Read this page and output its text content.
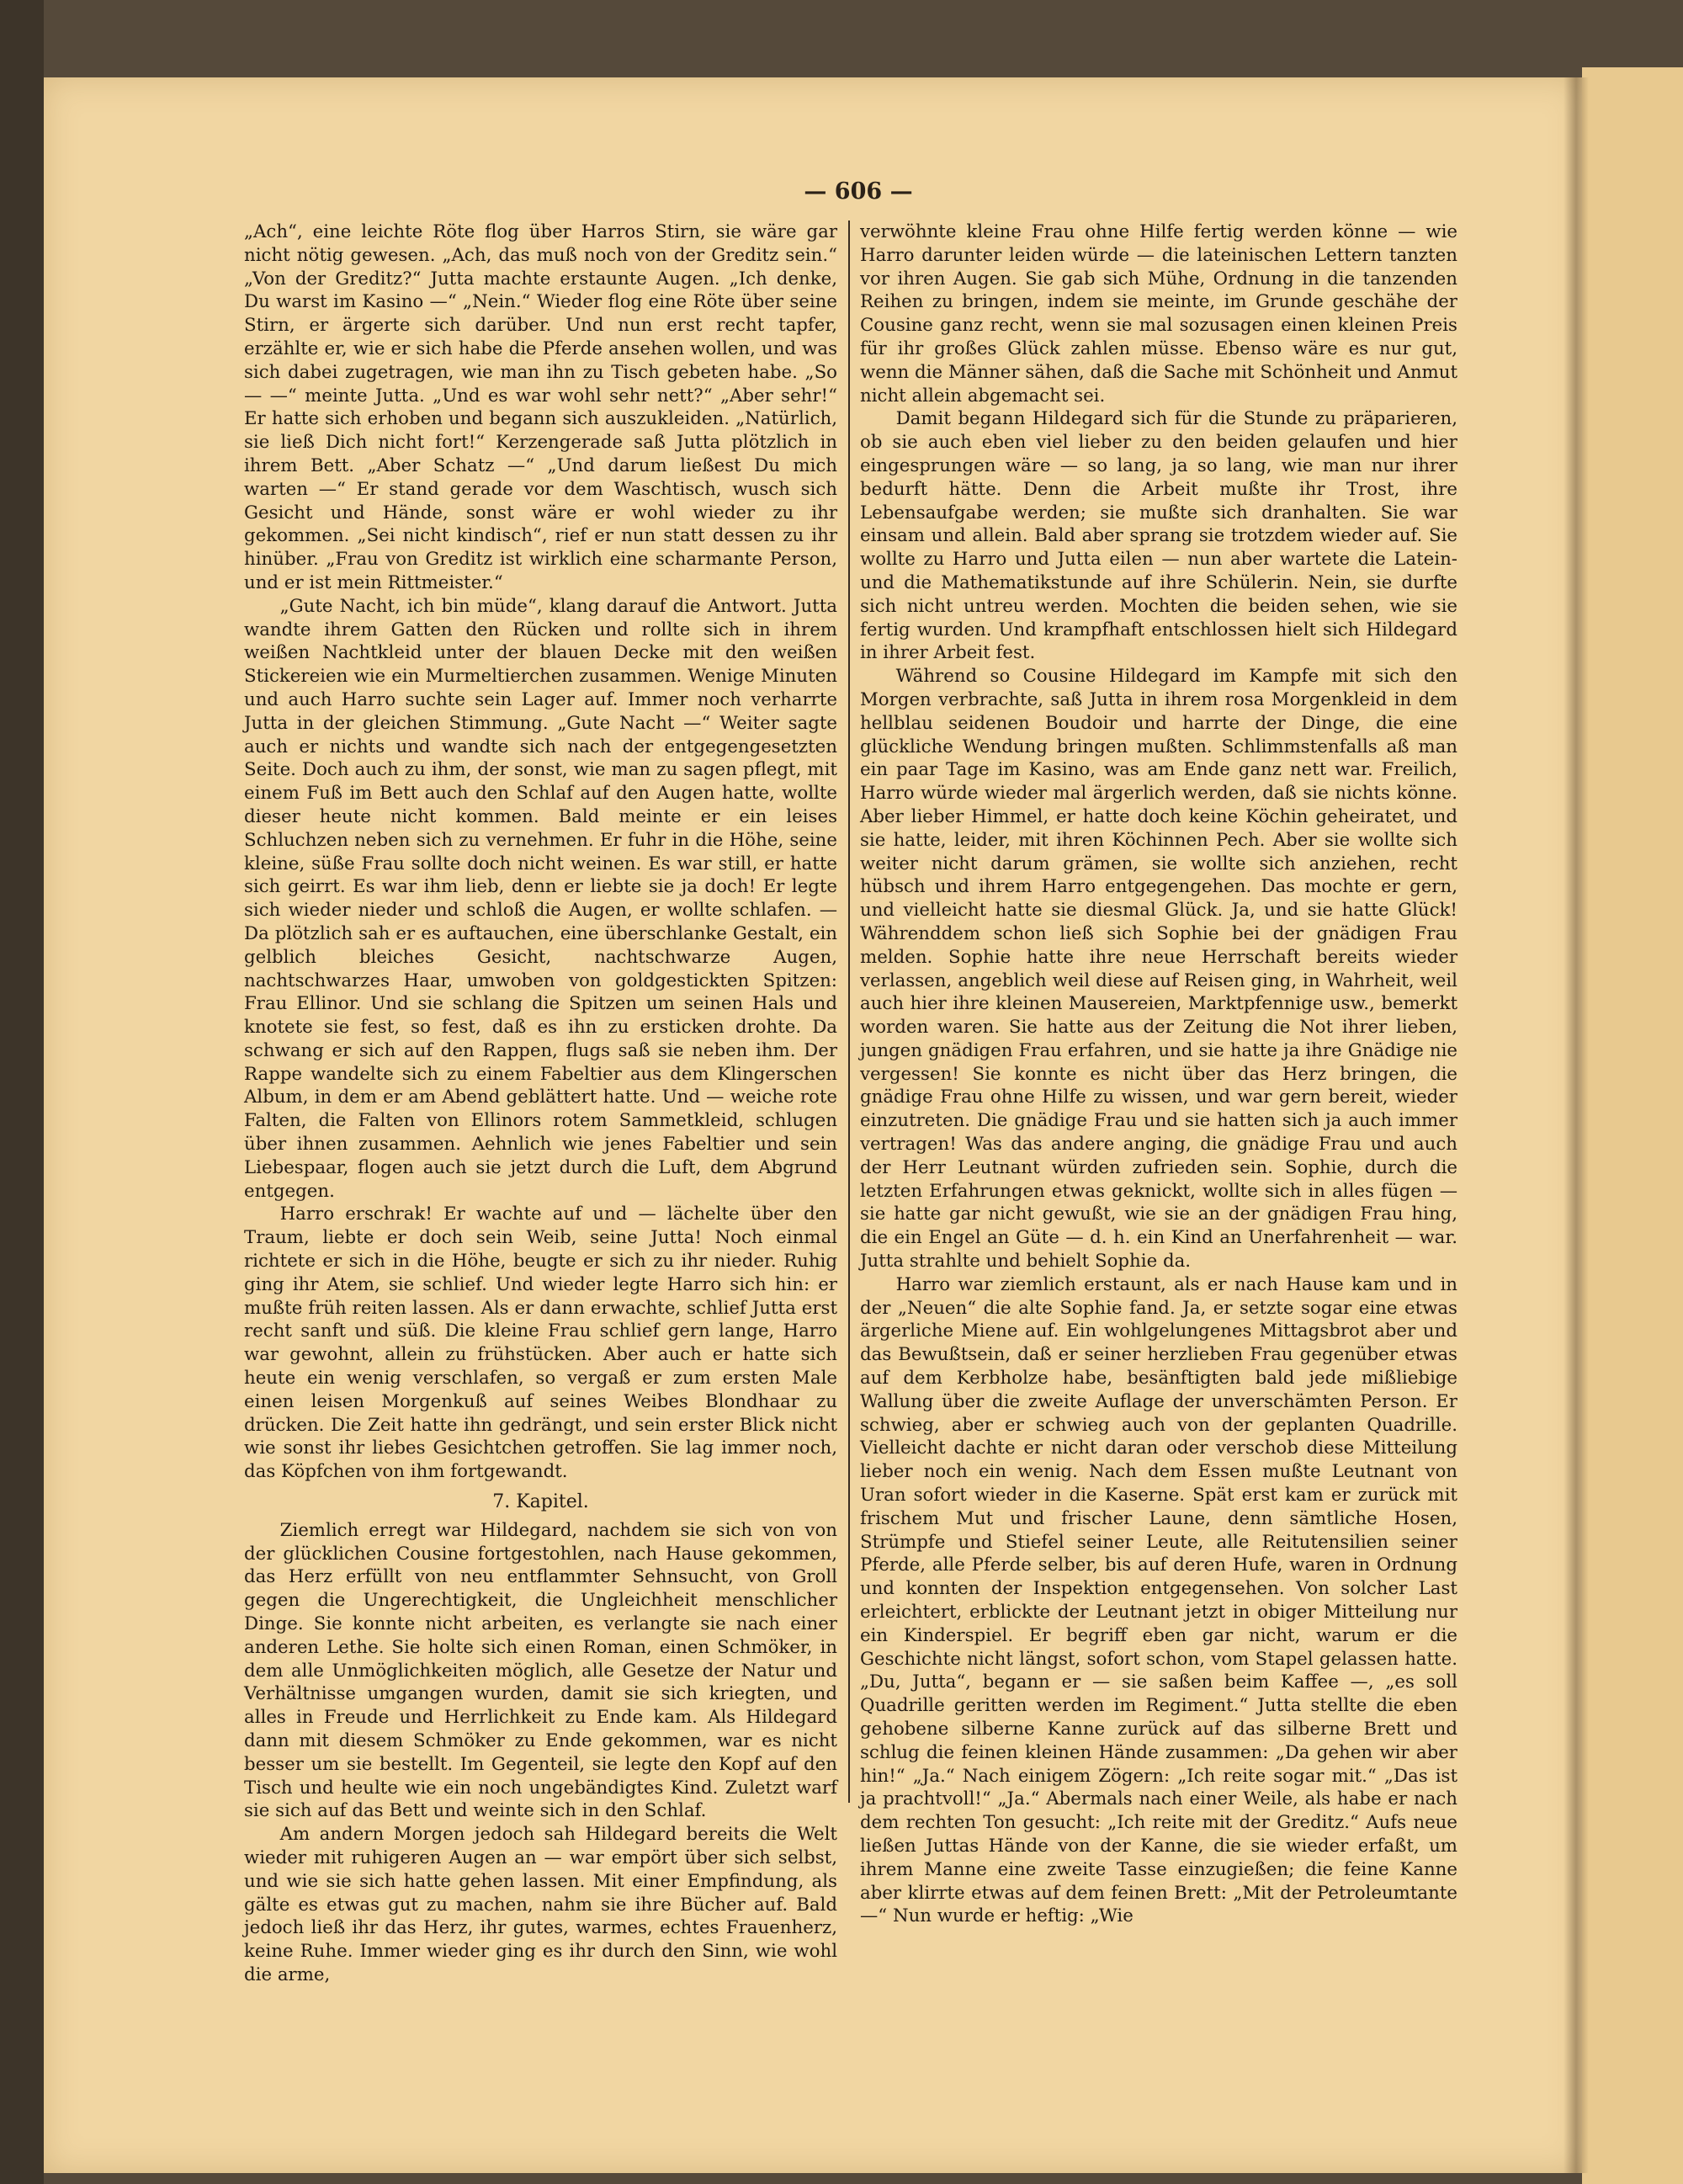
— 606 —

„Ach“, eine leichte Röte flog über Harros Stirn, sie wäre gar nicht nötig gewesen. „Ach, das muß noch von der Greditz sein.“ „Von der Greditz?“ Jutta machte erstaunte Augen. „Ich denke, Du warst im Kasino —“ „Nein.“ Wieder flog eine Röte über seine Stirn, er ärgerte sich darüber. Und nun erst recht tapfer, erzählte er, wie er sich habe die Pferde ansehen wollen, und was sich dabei zugetragen, wie man ihn zu Tisch gebeten habe. „So — —“ meinte Jutta. „Und es war wohl sehr nett?“ „Aber sehr!“ Er hatte sich erhoben und begann sich auszukleiden. „Natürlich, sie ließ Dich nicht fort!“ Kerzengerade saß Jutta plötzlich in ihrem Bett. „Aber Schatz —“ „Und darum ließest Du mich warten —“ Er stand gerade vor dem Waschtisch, wusch sich Gesicht und Hände, sonst wäre er wohl wieder zu ihr gekommen. „Sei nicht kindisch“, rief er nun statt dessen zu ihr hinüber. „Frau von Greditz ist wirklich eine scharmante Person, und er ist mein Rittmeister.“

„Gute Nacht, ich bin müde“, klang darauf die Antwort. Jutta wandte ihrem Gatten den Rücken und rollte sich in ihrem weißen Nachtkleid unter der blauen Decke mit den weißen Stickereien wie ein Murmeltierchen zusammen. Wenige Minuten und auch Harro suchte sein Lager auf. Immer noch verharrte Jutta in der gleichen Stimmung. „Gute Nacht —“ Weiter sagte auch er nichts und wandte sich nach der entgegengesetzten Seite. Doch auch zu ihm, der sonst, wie man zu sagen pflegt, mit einem Fuß im Bett auch den Schlaf auf den Augen hatte, wollte dieser heute nicht kommen. Bald meinte er ein leises Schluchzen neben sich zu vernehmen. Er fuhr in die Höhe, seine kleine, süße Frau sollte doch nicht weinen. Es war still, er hatte sich geirrt. Es war ihm lieb, denn er liebte sie ja doch! Er legte sich wieder nieder und schloß die Augen, er wollte schlafen. — Da plötzlich sah er es auftauchen, eine überschlanke Gestalt, ein gelblich bleiches Gesicht, nachtschwarze Augen, nachtschwarzes Haar, umwoben von goldgestickten Spitzen: Frau Ellinor. Und sie schlang die Spitzen um seinen Hals und knotete sie fest, so fest, daß es ihn zu ersticken drohte. Da schwang er sich auf den Rappen, flugs saß sie neben ihm. Der Rappe wandelte sich zu einem Fabeltier aus dem Klingerschen Album, in dem er am Abend geblättert hatte. Und — weiche rote Falten, die Falten von Ellinors rotem Sammetkleid, schlugen über ihnen zusammen. Aehnlich wie jenes Fabeltier und sein Liebespaar, flogen auch sie jetzt durch die Luft, dem Abgrund entgegen.

Harro erschrak! Er wachte auf und — lächelte über den Traum, liebte er doch sein Weib, seine Jutta! Noch einmal richtete er sich in die Höhe, beugte er sich zu ihr nieder. Ruhig ging ihr Atem, sie schlief. Und wieder legte Harro sich hin: er mußte früh reiten lassen. Als er dann erwachte, schlief Jutta erst recht sanft und süß. Die kleine Frau schlief gern lange, Harro war gewohnt, allein zu frühstücken. Aber auch er hatte sich heute ein wenig verschlafen, so vergaß er zum ersten Male einen leisen Morgenkuß auf seines Weibes Blondhaar zu drücken. Die Zeit hatte ihn gedrängt, und sein erster Blick nicht wie sonst ihr liebes Gesichtchen getroffen. Sie lag immer noch, das Köpfchen von ihm fortgewandt.

7. Kapitel.

Ziemlich erregt war Hildegard, nachdem sie sich von von der glücklichen Cousine fortgestohlen, nach Hause gekommen, das Herz erfüllt von neu entflammter Sehnsucht, von Groll gegen die Ungerechtigkeit, die Ungleichheit menschlicher Dinge. Sie konnte nicht arbeiten, es verlangte sie nach einer anderen Lethe. Sie holte sich einen Roman, einen Schmöker, in dem alle Unmöglichkeiten möglich, alle Gesetze der Natur und Verhältnisse umgangen wurden, damit sie sich kriegten, und alles in Freude und Herrlichkeit zu Ende kam. Als Hildegard dann mit diesem Schmöker zu Ende gekommen, war es nicht besser um sie bestellt. Im Gegenteil, sie legte den Kopf auf den Tisch und heulte wie ein noch ungebändigtes Kind. Zuletzt warf sie sich auf das Bett und weinte sich in den Schlaf.

Am andern Morgen jedoch sah Hildegard bereits die Welt wieder mit ruhigeren Augen an — war empört über sich selbst, und wie sie sich hatte gehen lassen. Mit einer Empfindung, als gälte es etwas gut zu machen, nahm sie ihre Bücher auf. Bald jedoch ließ ihr das Herz, ihr gutes, warmes, echtes Frauenherz, keine Ruhe. Immer wieder ging es ihr durch den Sinn, wie wohl die arme,

verwöhnte kleine Frau ohne Hilfe fertig werden könne — wie Harro darunter leiden würde — die lateinischen Lettern tanzten vor ihren Augen. Sie gab sich Mühe, Ordnung in die tanzenden Reihen zu bringen, indem sie meinte, im Grunde geschähe der Cousine ganz recht, wenn sie mal sozusagen einen kleinen Preis für ihr großes Glück zahlen müsse. Ebenso wäre es nur gut, wenn die Männer sähen, daß die Sache mit Schönheit und Anmut nicht allein abgemacht sei.

Damit begann Hildegard sich für die Stunde zu präparieren, ob sie auch eben viel lieber zu den beiden gelaufen und hier eingesprungen wäre — so lang, ja so lang, wie man nur ihrer bedurft hätte. Denn die Arbeit mußte ihr Trost, ihre Lebensaufgabe werden; sie mußte sich dranhalten. Sie war einsam und allein. Bald aber sprang sie trotzdem wieder auf. Sie wollte zu Harro und Jutta eilen — nun aber wartete die Latein- und die Mathematikstunde auf ihre Schülerin. Nein, sie durfte sich nicht untreu werden. Mochten die beiden sehen, wie sie fertig wurden. Und krampfhaft entschlossen hielt sich Hildegard in ihrer Arbeit fest.

Während so Cousine Hildegard im Kampfe mit sich den Morgen verbrachte, saß Jutta in ihrem rosa Morgenkleid in dem hellblau seidenen Boudoir und harrte der Dinge, die eine glückliche Wendung bringen mußten. Schlimmstenfalls aß man ein paar Tage im Kasino, was am Ende ganz nett war. Freilich, Harro würde wieder mal ärgerlich werden, daß sie nichts könne. Aber lieber Himmel, er hatte doch keine Köchin geheiratet, und sie hatte, leider, mit ihren Köchinnen Pech. Aber sie wollte sich weiter nicht darum grämen, sie wollte sich anziehen, recht hübsch und ihrem Harro entgegengehen. Das mochte er gern, und vielleicht hatte sie diesmal Glück. Ja, und sie hatte Glück! Währenddem schon ließ sich Sophie bei der gnädigen Frau melden. Sophie hatte ihre neue Herrschaft bereits wieder verlassen, angeblich weil diese auf Reisen ging, in Wahrheit, weil auch hier ihre kleinen Mausereien, Marktpfennige usw., bemerkt worden waren. Sie hatte aus der Zeitung die Not ihrer lieben, jungen gnädigen Frau erfahren, und sie hatte ja ihre Gnädige nie vergessen! Sie konnte es nicht über das Herz bringen, die gnädige Frau ohne Hilfe zu wissen, und war gern bereit, wieder einzutreten. Die gnädige Frau und sie hatten sich ja auch immer vertragen! Was das andere anging, die gnädige Frau und auch der Herr Leutnant würden zufrieden sein. Sophie, durch die letzten Erfahrungen etwas geknickt, wollte sich in alles fügen — sie hatte gar nicht gewußt, wie sie an der gnädigen Frau hing, die ein Engel an Güte — d. h. ein Kind an Unerfahrenheit — war. Jutta strahlte und behielt Sophie da.

Harro war ziemlich erstaunt, als er nach Hause kam und in der „Neuen“ die alte Sophie fand. Ja, er setzte sogar eine etwas ärgerliche Miene auf. Ein wohlgelungenes Mittagsbrot aber und das Bewußtsein, daß er seiner herzlieben Frau gegenüber etwas auf dem Kerbholze habe, besänftigten bald jede mißliebige Wallung über die zweite Auflage der unverschämten Person. Er schwieg, aber er schwieg auch von der geplanten Quadrille. Vielleicht dachte er nicht daran oder verschob diese Mitteilung lieber noch ein wenig. Nach dem Essen mußte Leutnant von Uran sofort wieder in die Kaserne. Spät erst kam er zurück mit frischem Mut und frischer Laune, denn sämtliche Hosen, Strümpfe und Stiefel seiner Leute, alle Reitutensilien seiner Pferde, alle Pferde selber, bis auf deren Hufe, waren in Ordnung und konnten der Inspektion entgegensehen. Von solcher Last erleichtert, erblickte der Leutnant jetzt in obiger Mitteilung nur ein Kinderspiel. Er begriff eben gar nicht, warum er die Geschichte nicht längst, sofort schon, vom Stapel gelassen hatte. „Du, Jutta“, begann er — sie saßen beim Kaffee —, „es soll Quadrille geritten werden im Regiment.“ Jutta stellte die eben gehobene silberne Kanne zurück auf das silberne Brett und schlug die feinen kleinen Hände zusammen: „Da gehen wir aber hin!“ „Ja.“ Nach einigem Zögern: „Ich reite sogar mit.“ „Das ist ja prachtvoll!“ „Ja.“ Abermals nach einer Weile, als habe er nach dem rechten Ton gesucht: „Ich reite mit der Greditz.“ Aufs neue ließen Juttas Hände von der Kanne, die sie wieder erfaßt, um ihrem Manne eine zweite Tasse einzugießen; die feine Kanne aber klirrte etwas auf dem feinen Brett: „Mit der Petroleumtante —“ Nun wurde er heftig: „Wie
